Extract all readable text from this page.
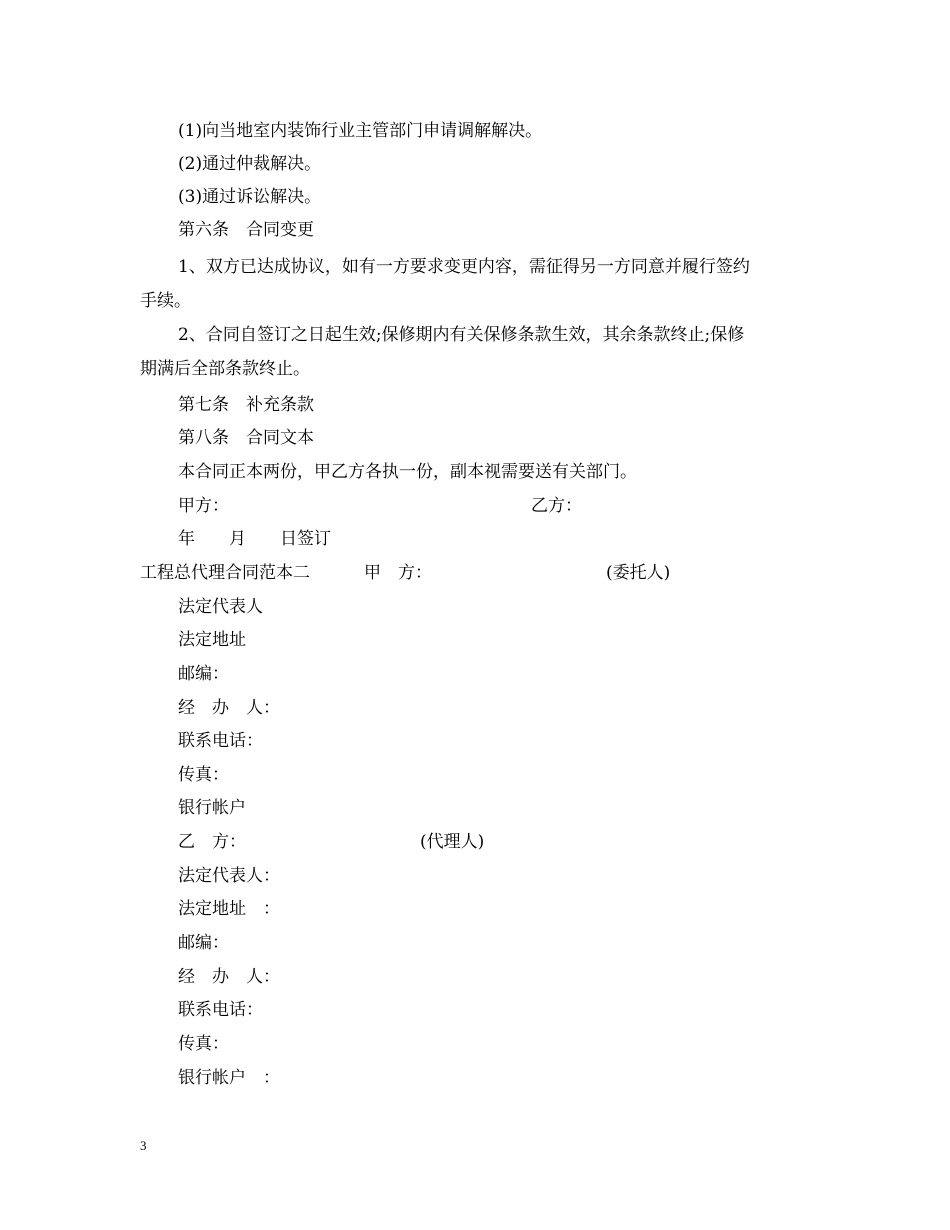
(1)向当地室内装饰行业主管部门申请调解解决。
(2)通过仲裁解决。
(3)通过诉讼解决。
第六条　合同变更
1、双方已达成协议，如有一方要求变更内容，需征得另一方同意并履行签约
手续。
2、合同自签订之日起生效;保修期内有关保修条款生效，其余条款终止;保修
期满后全部条款终止。
第七条　补充条款
第八条　合同文本
本合同正本两份，甲乙方各执一份，副本视需要送有关部门。
甲方：	乙方：
年　　月　　日签订
工程总代理合同范本二	甲　方：	(委托人)
法定代表人
法定地址
邮编：
经　办　人：
联系电话：
传真：
银行帐户
乙　方：	(代理人)
法定代表人：
法定地址　：
邮编：
经　办　人：
联系电话：
传真：
银行帐户　：
3
